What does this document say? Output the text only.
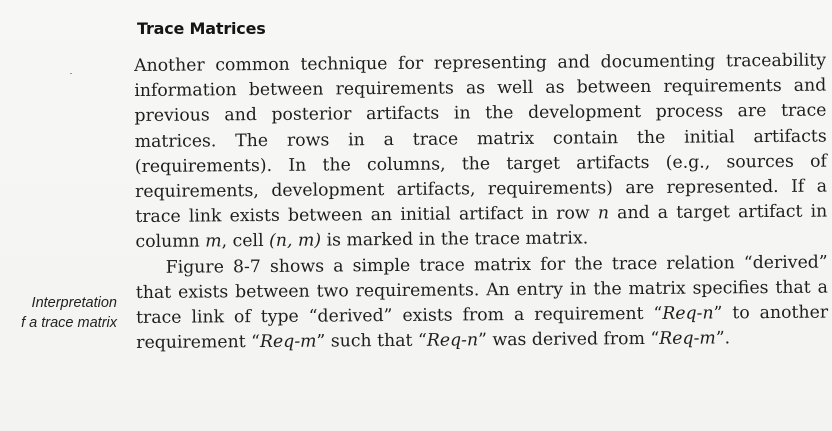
Trace Matrices

Another common technique for representing and documenting traceability information between requirements as well as between requirements and previous and posterior artifacts in the development process are trace matrices. The rows in a trace matrix contain the initial artifacts (requirements). In the columns, the target artifacts (e.g., sources of requirements, development artifacts, requirements) are represented. If a trace link exists between an initial artifact in row n and a target artifact in column m, cell (n, m) is marked in the trace matrix.

Figure 8-7 shows a simple trace matrix for the trace relation “derived” that exists between two requirements. An entry in the matrix specifies that a trace link of type “derived” exists from a requirement “Req-n” to another requirement “Req-m” such that “Req-n” was derived from “Req-m”.

Interpretation
f a trace matrix
